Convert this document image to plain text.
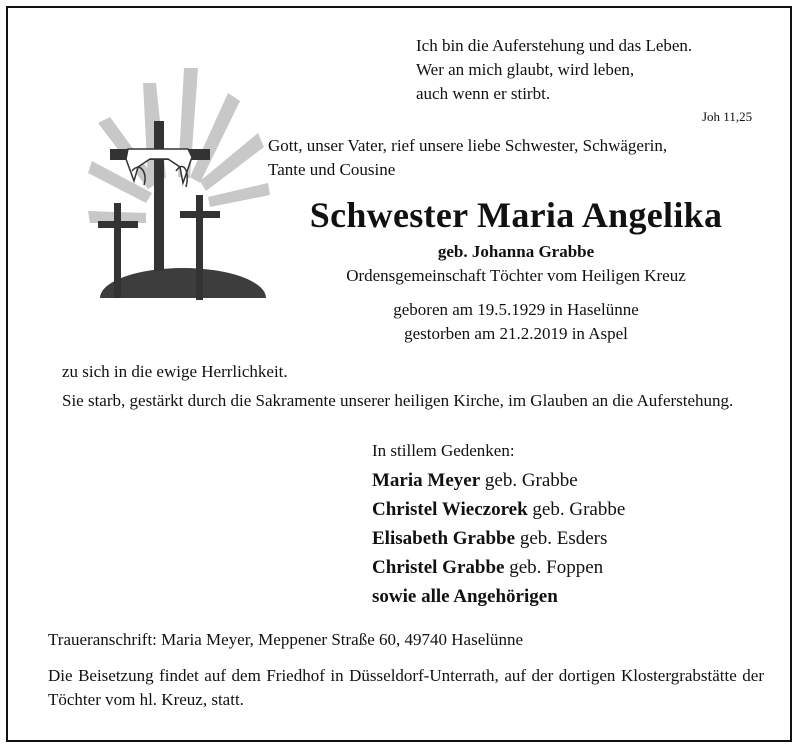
Ich bin die Auferstehung und das Leben.
Wer an mich glaubt, wird leben,
auch wenn er stirbt.
Joh 11,25
Gott, unser Vater, rief unsere liebe Schwester, Schwägerin,
Tante und Cousine
Schwester Maria Angelika
geb. Johanna Grabbe
Ordensgemeinschaft Töchter vom Heiligen Kreuz
geboren am 19.5.1929 in Haselünne
gestorben am 21.2.2019 in Aspel
zu sich in die ewige Herrlichkeit.
Sie starb, gestärkt durch die Sakramente unserer heiligen Kirche, im Glauben an die Auferstehung.
In stillem Gedenken:
Maria Meyer geb. Grabbe
Christel Wieczorek geb. Grabbe
Elisabeth Grabbe geb. Esders
Christel Grabbe geb. Foppen
sowie alle Angehörigen
Traueranschrift: Maria Meyer, Meppener Straße 60, 49740 Haselünne
Die Beisetzung findet auf dem Friedhof in Düsseldorf-Unterrath, auf der dortigen Klostergrabstätte der Töchter vom hl. Kreuz, statt.
